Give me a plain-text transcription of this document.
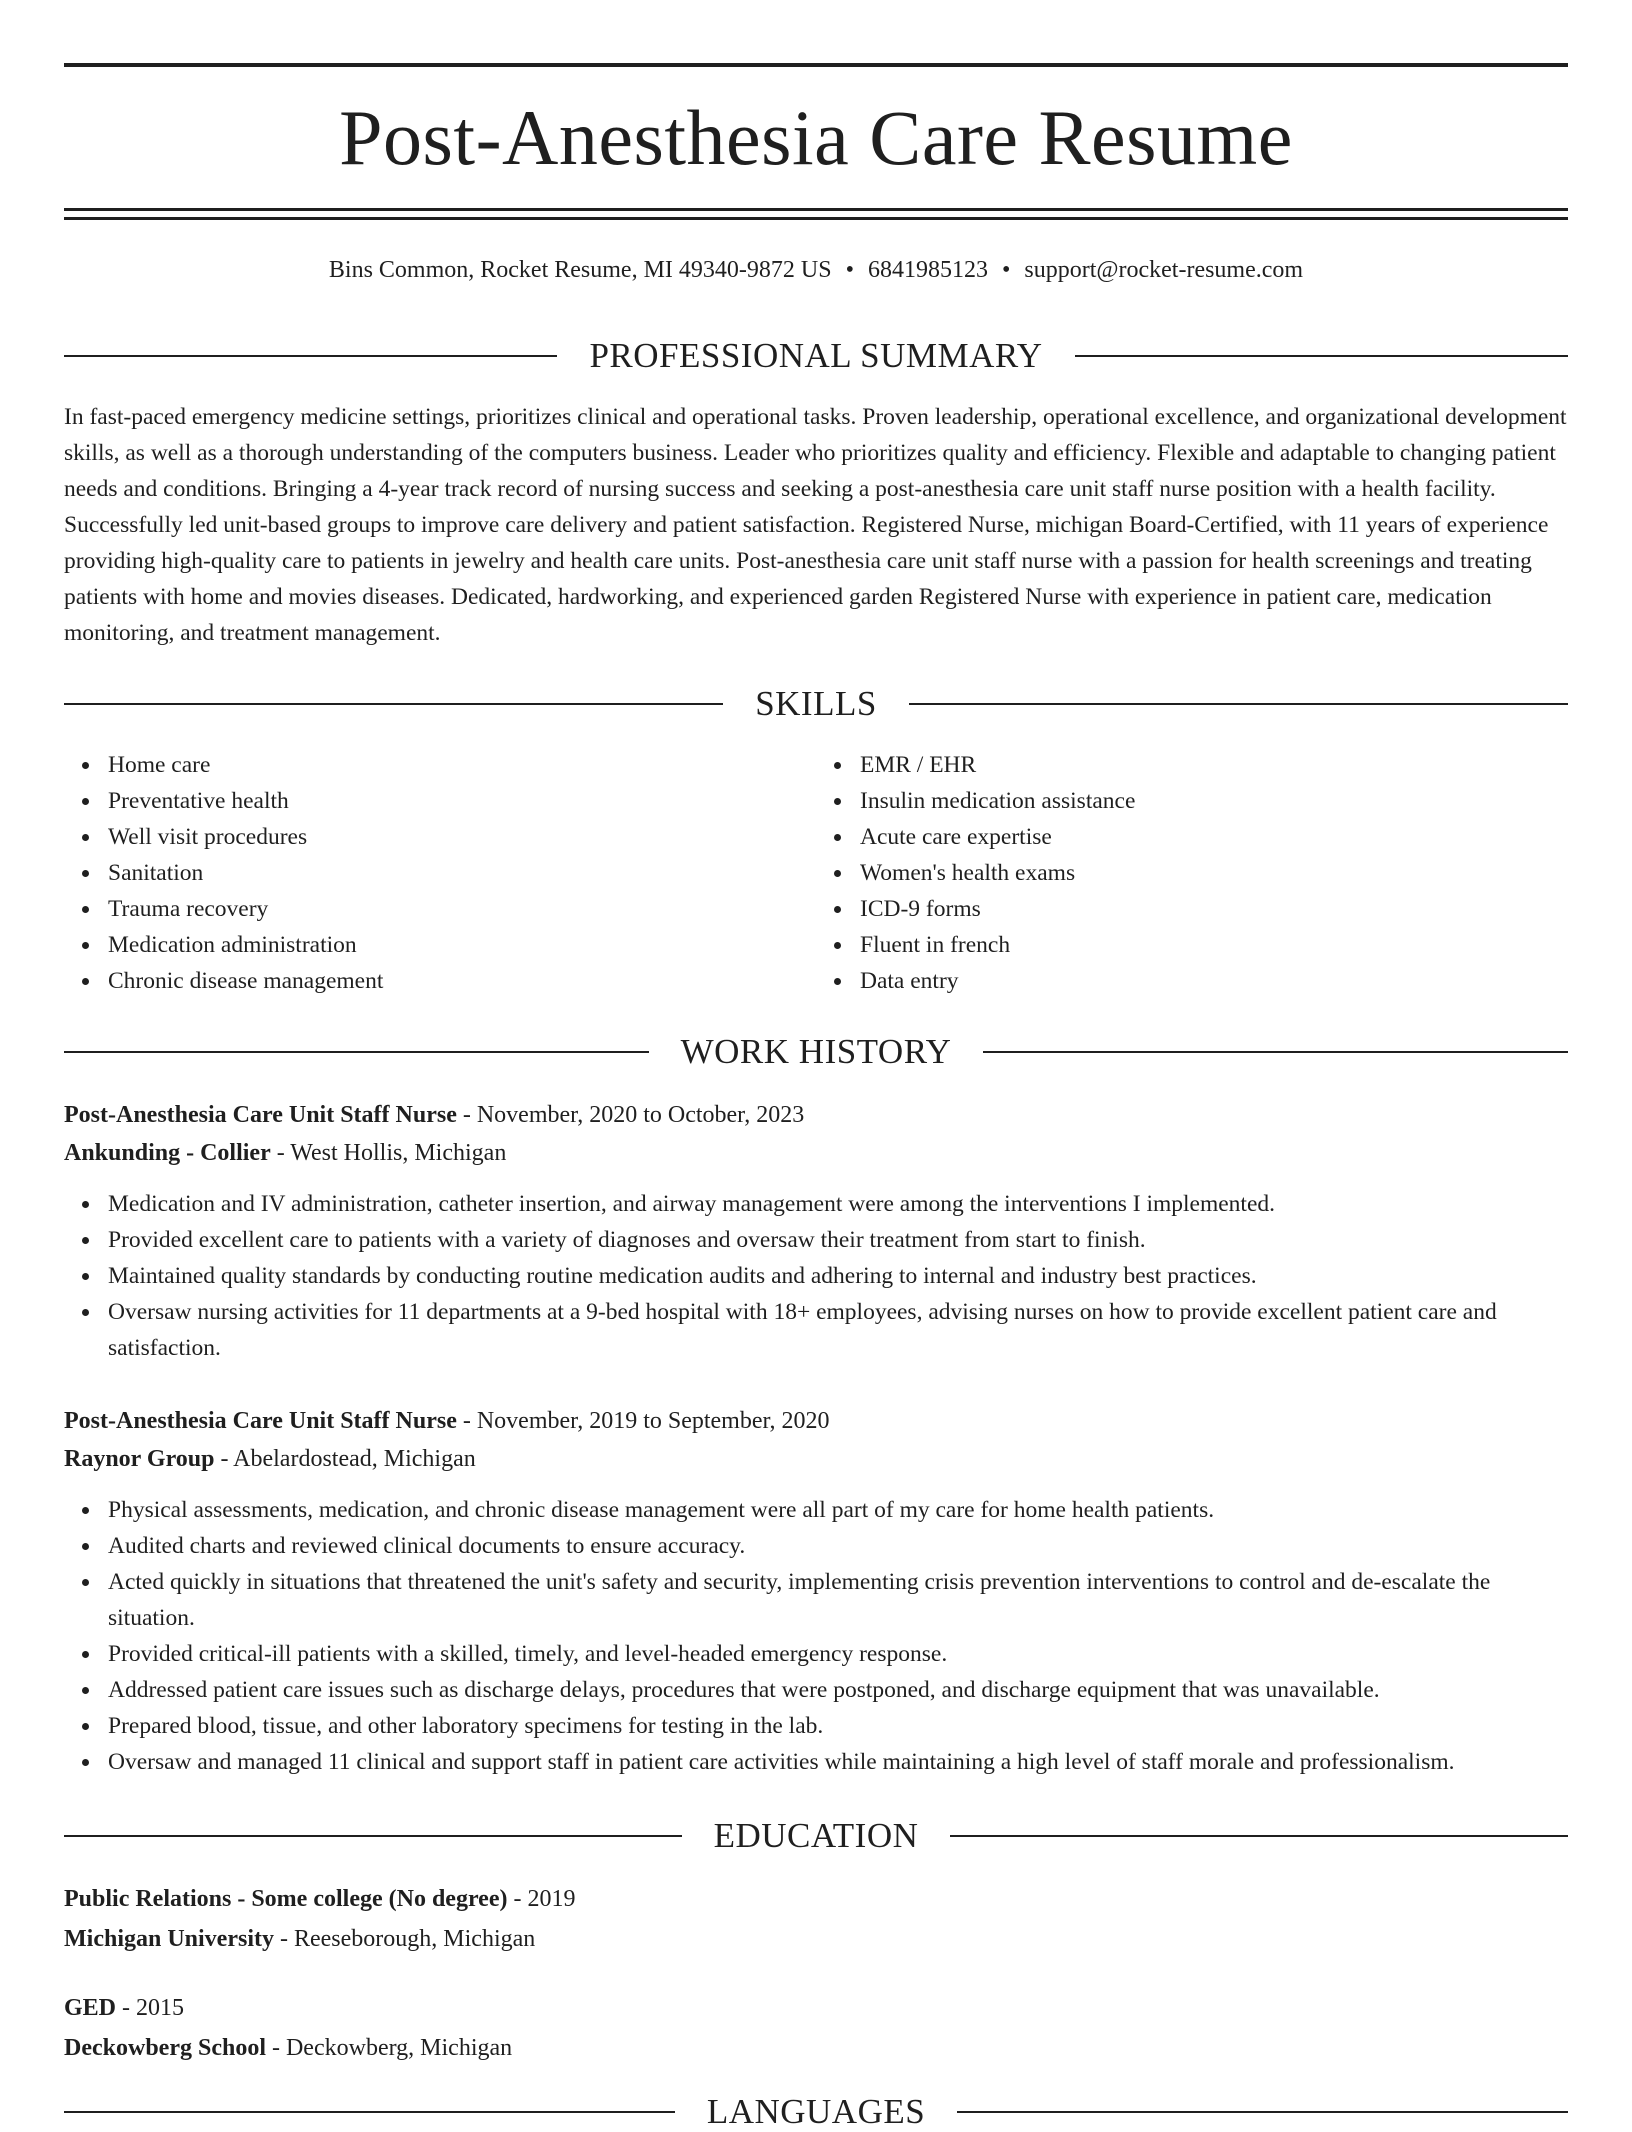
Post-Anesthesia Care Resume
Bins Common, Rocket Resume, MI 49340-9872 US • 6841985123 • support@rocket-resume.com
PROFESSIONAL SUMMARY

In fast-paced emergency medicine settings, prioritizes clinical and operational tasks. Proven leadership, operational excellence, and organizational development skills, as well as a thorough understanding of the computers business. Leader who prioritizes quality and efficiency. Flexible and adaptable to changing patient needs and conditions. Bringing a 4-year track record of nursing success and seeking a post-anesthesia care unit staff nurse position with a health facility. Successfully led unit-based groups to improve care delivery and patient satisfaction. Registered Nurse, michigan Board-Certified, with 11 years of experience providing high-quality care to patients in jewelry and health care units. Post-anesthesia care unit staff nurse with a passion for health screenings and treating patients with home and movies diseases. Dedicated, hardworking, and experienced garden Registered Nurse with experience in patient care, medication monitoring, and treatment management.

SKILLS
Home care
Preventative health
Well visit procedures
Sanitation
Trauma recovery
Medication administration
Chronic disease management
EMR / EHR
Insulin medication assistance
Acute care expertise
Women's health exams
ICD-9 forms
Fluent in french
Data entry
WORK HISTORY
Post-Anesthesia Care Unit Staff Nurse - November, 2020 to October, 2023
Ankunding - Collier - West Hollis, Michigan
Medication and IV administration, catheter insertion, and airway management were among the interventions I implemented.
Provided excellent care to patients with a variety of diagnoses and oversaw their treatment from start to finish.
Maintained quality standards by conducting routine medication audits and adhering to internal and industry best practices.
Oversaw nursing activities for 11 departments at a 9-bed hospital with 18+ employees, advising nurses on how to provide excellent patient care and satisfaction.
Post-Anesthesia Care Unit Staff Nurse - November, 2019 to September, 2020
Raynor Group - Abelardostead, Michigan
Physical assessments, medication, and chronic disease management were all part of my care for home health patients.
Audited charts and reviewed clinical documents to ensure accuracy.
Acted quickly in situations that threatened the unit's safety and security, implementing crisis prevention interventions to control and de-escalate the situation.
Provided critical-ill patients with a skilled, timely, and level-headed emergency response.
Addressed patient care issues such as discharge delays, procedures that were postponed, and discharge equipment that was unavailable.
Prepared blood, tissue, and other laboratory specimens for testing in the lab.
Oversaw and managed 11 clinical and support staff in patient care activities while maintaining a high level of staff morale and professionalism.
EDUCATION
Public Relations - Some college (No degree) - 2019
Michigan University - Reeseborough, Michigan
GED - 2015
Deckowberg School - Deckowberg, Michigan
LANGUAGES
